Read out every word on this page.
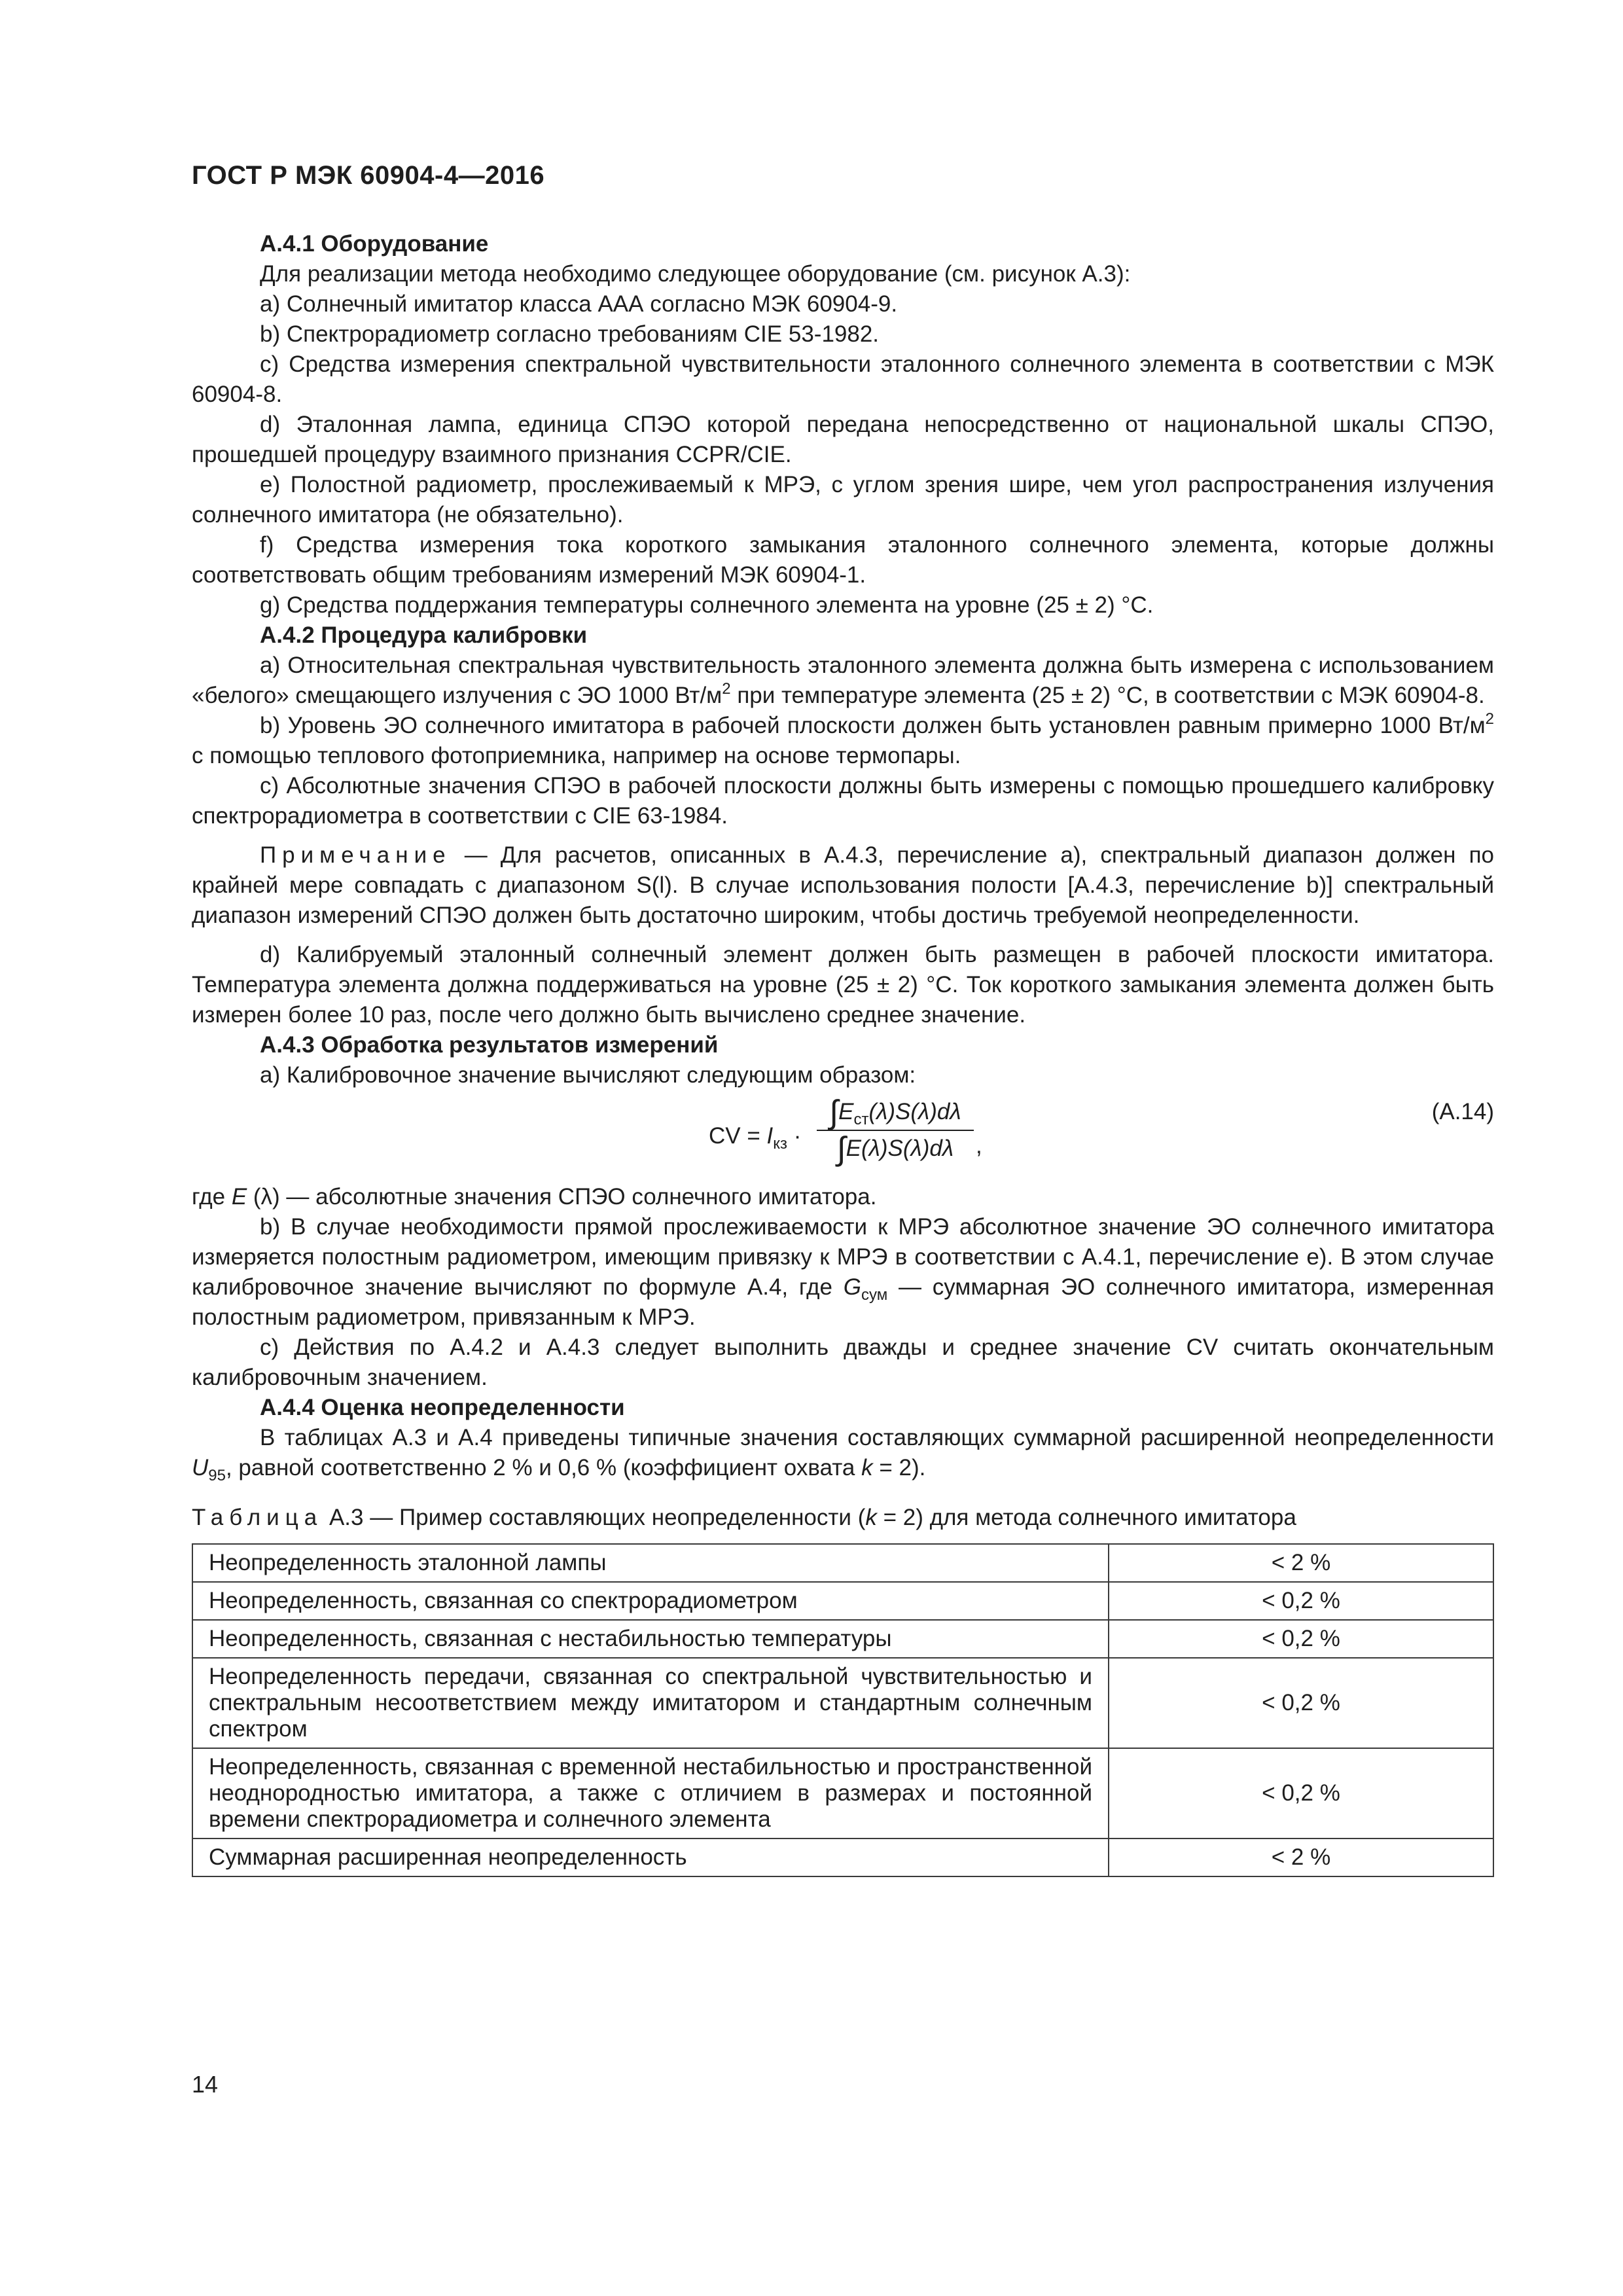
ГОСТ Р МЭК 60904-4—2016

А.4.1 Оборудование

Для реализации метода необходимо следующее оборудование (см. рисунок А.3):

a) Солнечный имитатор класса ААА согласно МЭК 60904-9.

b) Спектрорадиометр согласно требованиям CIE 53-1982.

с) Средства измерения спектральной чувствительности эталонного солнечного элемента в соответствии с МЭК 60904-8.

d) Эталонная лампа, единица СПЭО которой передана непосредственно от национальной шкалы СПЭО, прошедшей процедуру взаимного признания CCPR/CIE.

е) Полостной радиометр, прослеживаемый к МРЭ, с углом зрения шире, чем угол распространения излучения солнечного имитатора (не обязательно).

f) Средства измерения тока короткого замыкания эталонного солнечного элемента, которые должны соответствовать общим требованиям измерений МЭК 60904-1.

g) Средства поддержания температуры солнечного элемента на уровне (25 ± 2) °С.

А.4.2 Процедура калибровки

а) Относительная спектральная чувствительность эталонного элемента должна быть измерена с использованием «белого» смещающего излучения с ЭО 1000 $Вт/м^2$ при температуре элемента (25 ± 2) °С, в соответствии с МЭК 60904-8.

b) Уровень ЭО солнечного имитатора в рабочей плоскости должен быть установлен равным примерно 1000 $Вт/м^2$ с помощью теплового фотоприемника, например на основе термопары.

с) Абсолютные значения СПЭО в рабочей плоскости должны быть измерены с помощью прошедшего калибровку спектрорадиометра в соответствии с CIE 63-1984.

Примечание — Для расчетов, описанных в А.4.3, перечисление а), спектральный диапазон должен по крайней мере совпадать с диапазоном S(l). В случае использования полости [А.4.3, перечисление b)] спектральный диапазон измерений СПЭО должен быть достаточно широким, чтобы достичь требуемой неопределенности.

d) Калибруемый эталонный солнечный элемент должен быть размещен в рабочей плоскости имитатора. Температура элемента должна поддерживаться на уровне (25 ± 2) °С. Ток короткого замыкания элемента должен быть измерен более 10 раз, после чего должно быть вычислено среднее значение.

А.4.3 Обработка результатов измерений

а) Калибровочное значение вычисляют следующим образом:

CV = $I_{кз}$ ·
$\int E_{ст}(\lambda)S(\lambda)d\lambda$
∫E(λ)S(λ)dλ ,
(А.14)

где E (λ) — абсолютные значения СПЭО солнечного имитатора.

b) В случае необходимости прямой прослеживаемости к МРЭ абсолютное значение ЭО солнечного имитатора измеряется полостным радиометром, имеющим привязку к МРЭ в соответствии с А.4.1, перечисление е). В этом случае калибровочное значение вычисляют по формуле А.4, где $G_{сум}$ — суммарная ЭО солнечного имитатора, измеренная полостным радиометром, привязанным к МРЭ.

с) Действия по А.4.2 и А.4.3 следует выполнить дважды и среднее значение CV считать окончательным калибровочным значением.

А.4.4 Оценка неопределенности

В таблицах А.3 и А.4 приведены типичные значения составляющих суммарной расширенной неопределенности $U_{95}$, равной соответственно 2 % и 0,6 % (коэффициент охвата k = 2).

Таблица А.3 — Пример составляющих неопределенности (k = 2) для метода солнечного имитатора

Неопределенность эталонной лампы	< 2 %
Неопределенность, связанная со спектрорадиометром	< 0,2 %
Неопределенность, связанная с нестабильностью температуры	< 0,2 %
Неопределенность передачи, связанная со спектральной чувствительностью и спектральным несоответствием между имитатором и стандартным солнечным спектром	< 0,2 %
Неопределенность, связанная с временной нестабильностью и пространственной неоднородностью имитатора, а также с отличием в размерах и постоянной времени спектрорадиометра и солнечного элемента	< 0,2 %
Суммарная расширенная неопределенность	< 2 %
14
